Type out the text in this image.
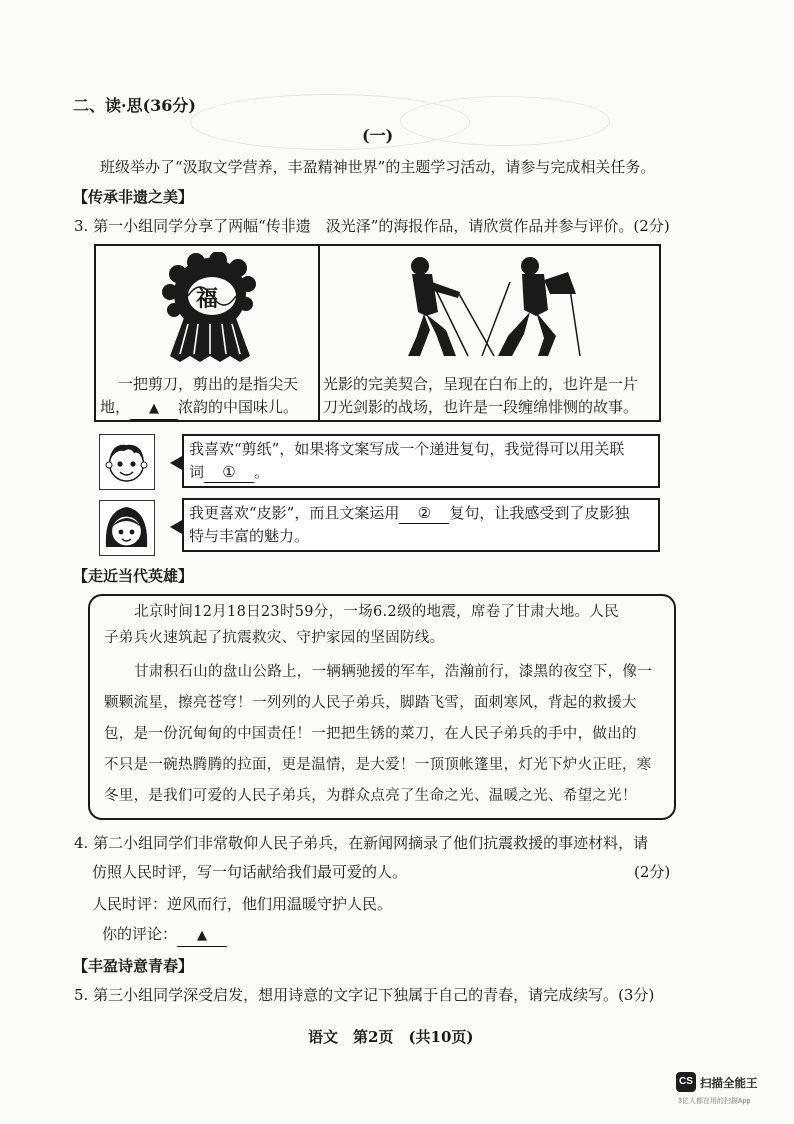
二、读·思(36分)
(一)
班级举办了“汲取文学营养，丰盈精神世界”的主题学习活动，请参与完成相关任务。
【传承非遗之美】
3. 第一小组同学分享了两幅“传非遗　汲光泽”的海报作品，请欣赏作品并参与评价。(2分)
福
一把剪刀，剪出的是指尖天
地， ▲ 浓韵的中国味儿。
光影的完美契合，呈现在白布上的，也许是一片
刀光剑影的战场，也许是一段缠绵悱恻的故事。
我喜欢“剪纸”，如果将文案写成一个递进复句，我觉得可以用关联
词 ① 。
我更喜欢“皮影”，而且文案运用 ② 复句，让我感受到了皮影独
特与丰富的魅力。
【走近当代英雄】
北京时间12月18日23时59分，一场6.2级的地震，席卷了甘肃大地。人民
子弟兵火速筑起了抗震救灾、守护家园的坚固防线。
甘肃积石山的盘山公路上，一辆辆驰援的军车，浩瀚前行，漆黑的夜空下，像一
颗颗流星，擦亮苍穹！一列列的人民子弟兵，脚踏飞雪，面刺寒风，背起的救援大
包，是一份沉甸甸的中国责任！一把把生锈的菜刀，在人民子弟兵的手中，做出的
不只是一碗热腾腾的拉面，更是温情，是大爱！一顶顶帐篷里，灯光下炉火正旺，寒
冬里，是我们可爱的人民子弟兵，为群众点亮了生命之光、温暖之光、希望之光！
4. 第二小组同学们非常敬仰人民子弟兵，在新闻网摘录了他们抗震救援的事迹材料，请
仿照人民时评，写一句话献给我们最可爱的人。	(2分)
人民时评：逆风而行，他们用温暖守护人民。
你的评论： ▲
【丰盈诗意青春】
5. 第三小组同学深受启发，想用诗意的文字记下独属于自己的青春，请完成续写。(3分)
语文　第2页　(共10页)
CS 扫描全能王
3亿人都在用的扫描App
